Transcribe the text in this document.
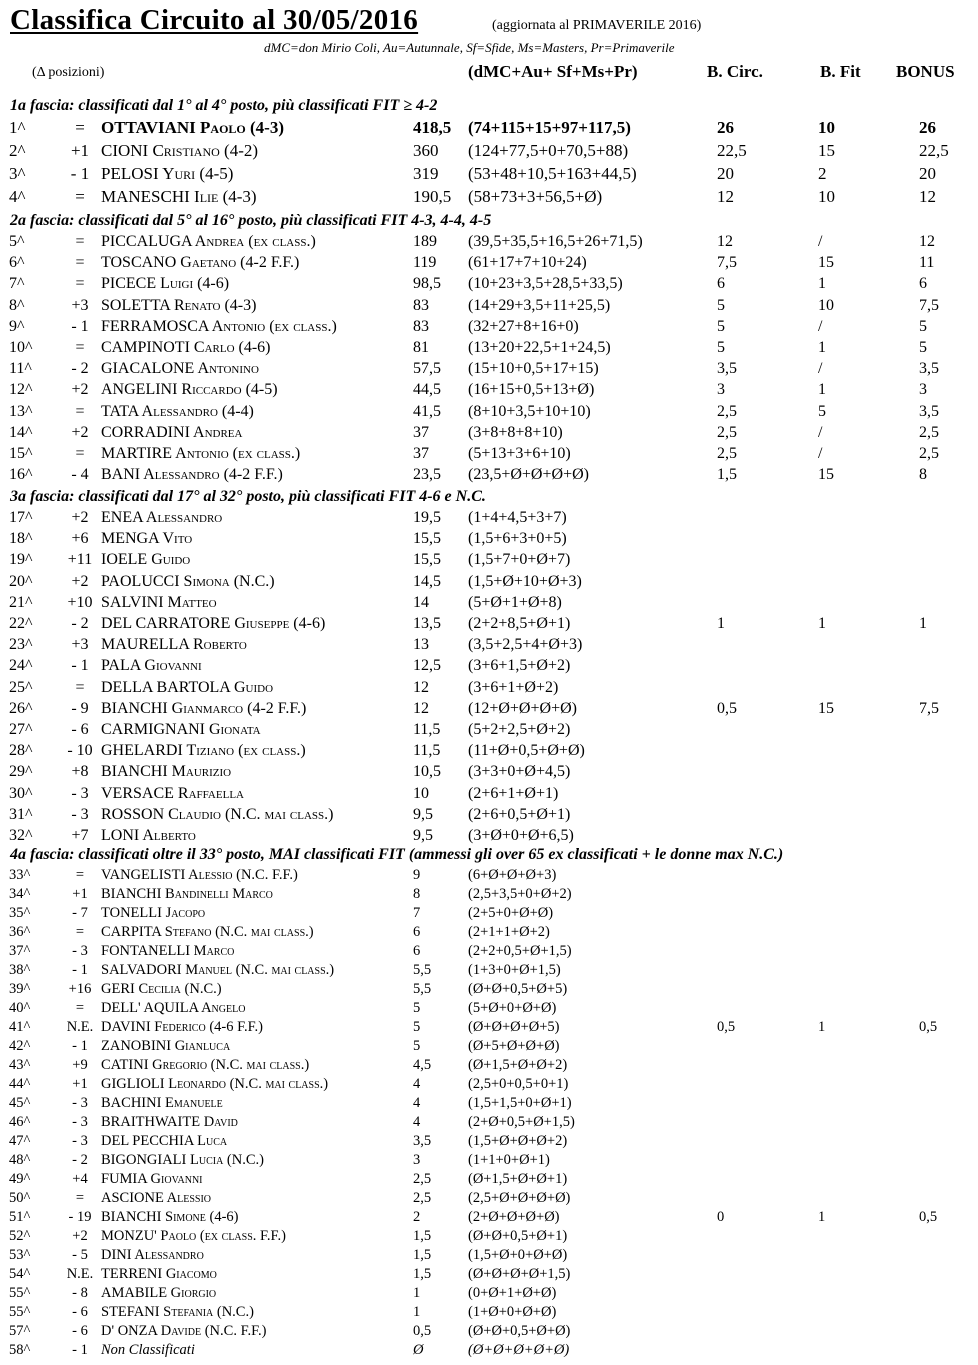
Classifica Circuito al 30/05/2016	(aggiornata al PRIMAVERILE 2016)
dMC=don Mirio Coli, Au=Autunnale, Sf=Sfide, Ms=Masters, Pr=Primaverile
(Δ posizioni)	(dMC+Au+ Sf+Ms+Pr)	B. Circ.	B. Fit BONUS
1a fascia: classificati dal 1° al 4° posto, più classificati FIT ≥ 4-2
1^	= OTTAVIANI Paolo (4-3)	418,5 (74+115+15+97+117,5)	26	10	26
2^	+1 CIONI Cristiano (4-2)	360 (124+77,5+0+70,5+88)	22,5	15	22,5
3^	- 1 PELOSI Yuri (4-5)	319 (53+48+10,5+163+44,5)	20	2	20
4^	= MANESCHI Ilie (4-3)	190,5 (58+73+3+56,5+Ø)	12	10	12
2a fascia: classificati dal 5° al 16° posto, più classificati FIT 4-3, 4-4, 4-5
5^	=	PICCALUGA Andrea (ex class.)	189 (39,5+35,5+16,5+26+71,5)	12	/	12
6^	=	TOSCANO Gaetano (4-2 F.F.)	119 (61+17+7+10+24)	7,5	15	11
7^	=	PICECE Luigi (4-6)	98,5 (10+23+3,5+28,5+33,5)	6	1	6
8^	+3 SOLETTA Renato (4-3)	83 (14+29+3,5+11+25,5)	5	10	7,5
9^	- 1 FERRAMOSCA Antonio (ex class.)	83 (32+27+8+16+0)	5	/	5
10^	=	CAMPINOTI Carlo (4-6)	81 (13+20+22,5+1+24,5)	5	1	5
11^	- 2 GIACALONE Antonino	57,5 (15+10+0,5+17+15)	3,5	/	3,5
12^	+2 ANGELINI Riccardo (4-5)	44,5 (16+15+0,5+13+Ø)	3	1	3
13^	=	TATA Alessandro (4-4)	41,5 (8+10+3,5+10+10)	2,5	5	3,5
14^	+2 CORRADINI Andrea	37 (3+8+8+8+10)	2,5	/	2,5
15^	=	MARTIRE Antonio (ex class.)	37 (5+13+3+6+10)	2,5	/	2,5
16^	- 4 BANI Alessandro (4-2 F.F.)	23,5 (23,5+Ø+Ø+Ø+Ø)	1,5	15	8
3a fascia: classificati dal 17° al 32° posto, più classificati FIT 4-6 e N.C.
17^	+2 ENEA Alessandro	19,5 (1+4+4,5+3+7)
18^	+6 MENGA Vito	15,5 (1,5+6+3+0+5)
19^	+11 IOELE Guido	15,5 (1,5+7+0+Ø+7)
20^	+2 PAOLUCCI Simona (N.C.)	14,5 (1,5+Ø+10+Ø+3)
21^	+10 SALVINI Matteo	14 (5+Ø+1+Ø+8)
22^	- 2 DEL CARRATORE Giuseppe (4-6)	13,5 (2+2+8,5+Ø+1)	1	1	1
23^	+3 MAURELLA Roberto	13 (3,5+2,5+4+Ø+3)
24^	- 1 PALA Giovanni	12,5 (3+6+1,5+Ø+2)
25^	=	DELLA BARTOLA Guido	12 (3+6+1+Ø+2)
26^	- 9 BIANCHI Gianmarco (4-2 F.F.)	12 (12+Ø+Ø+Ø+Ø)	0,5	15	7,5
27^	- 6 CARMIGNANI Gionata	11,5 (5+2+2,5+Ø+2)
28^	- 10 GHELARDI Tiziano (ex class.)	11,5 (11+Ø+0,5+Ø+Ø)
29^	+8 BIANCHI Maurizio	10,5 (3+3+0+Ø+4,5)
30^	- 3 VERSACE Raffaella	10 (2+6+1+Ø+1)
31^	- 3 ROSSON Claudio (N.C. mai class.)	9,5 (2+6+0,5+Ø+1)
32^	+7 LONI Alberto	9,5 (3+Ø+0+Ø+6,5)
4a fascia: classificati oltre il 33° posto, MAI classificati FIT (ammessi gli over 65 ex classificati + le donne max N.C.)
33^	=	VANGELISTI Alessio (N.C. F.F.)	9	(6+Ø+Ø+Ø+3)
34^	+1 BIANCHI Bandinelli Marco	8	(2,5+3,5+0+Ø+2)
35^	- 7 TONELLI Jacopo	7	(2+5+0+Ø+Ø)
36^	=	CARPITA Stefano (N.C. mai class.)	6	(2+1+1+Ø+2)
37^	- 3 FONTANELLI Marco	6	(2+2+0,5+Ø+1,5)
38^	- 1 SALVADORI Manuel (N.C. mai class.)	5,5	(1+3+0+Ø+1,5)
39^	+16 GERI Cecilia (N.C.)	5,5	(Ø+Ø+0,5+Ø+5)
40^	=	DELL' AQUILA Angelo	5	(5+Ø+0+Ø+Ø)
41^	N.E. DAVINI Federico (4-6 F.F.)	5	(Ø+Ø+Ø+Ø+5)	0,5	1	0,5
42^	- 1 ZANOBINI Gianluca	5	(Ø+5+Ø+Ø+Ø)
43^	+9 CATINI Gregorio (N.C. mai class.)	4,5	(Ø+1,5+Ø+Ø+2)
44^	+1 GIGLIOLI Leonardo (N.C. mai class.)	4	(2,5+0+0,5+0+1)
45^	- 3 BACHINI Emanuele	4	(1,5+1,5+0+Ø+1)
46^	- 3 BRAITHWAITE David	4	(2+Ø+0,5+Ø+1,5)
47^	- 3 DEL PECCHIA Luca	3,5	(1,5+Ø+Ø+Ø+2)
48^	- 2 BIGONGIALI Lucia (N.C.)	3	(1+1+0+Ø+1)
49^	+4 FUMIA Giovanni	2,5	(Ø+1,5+Ø+Ø+1)
50^	=	ASCIONE Alessio	2,5	(2,5+Ø+Ø+Ø+Ø)
51^	- 19 BIANCHI Simone (4-6)	2	(2+Ø+Ø+Ø+Ø)	0	1	0,5
52^	+2 MONZU' Paolo (ex class. F.F.)	1,5	(Ø+Ø+0,5+Ø+1)
53^	- 5 DINI Alessandro	1,5	(1,5+Ø+0+Ø+Ø)
54^	N.E. TERRENI Giacomo	1,5	(Ø+Ø+Ø+Ø+1,5)
55^	- 8 AMABILE Giorgio	1	(0+Ø+1+Ø+Ø)
55^	- 6 STEFANI Stefania (N.C.)	1	(1+Ø+0+Ø+Ø)
57^	- 6 D' ONZA Davide (N.C. F.F.)	0,5	(Ø+Ø+0,5+Ø+Ø)
58^	- 1 Non Classificati	Ø	(Ø+Ø+Ø+Ø+Ø)
